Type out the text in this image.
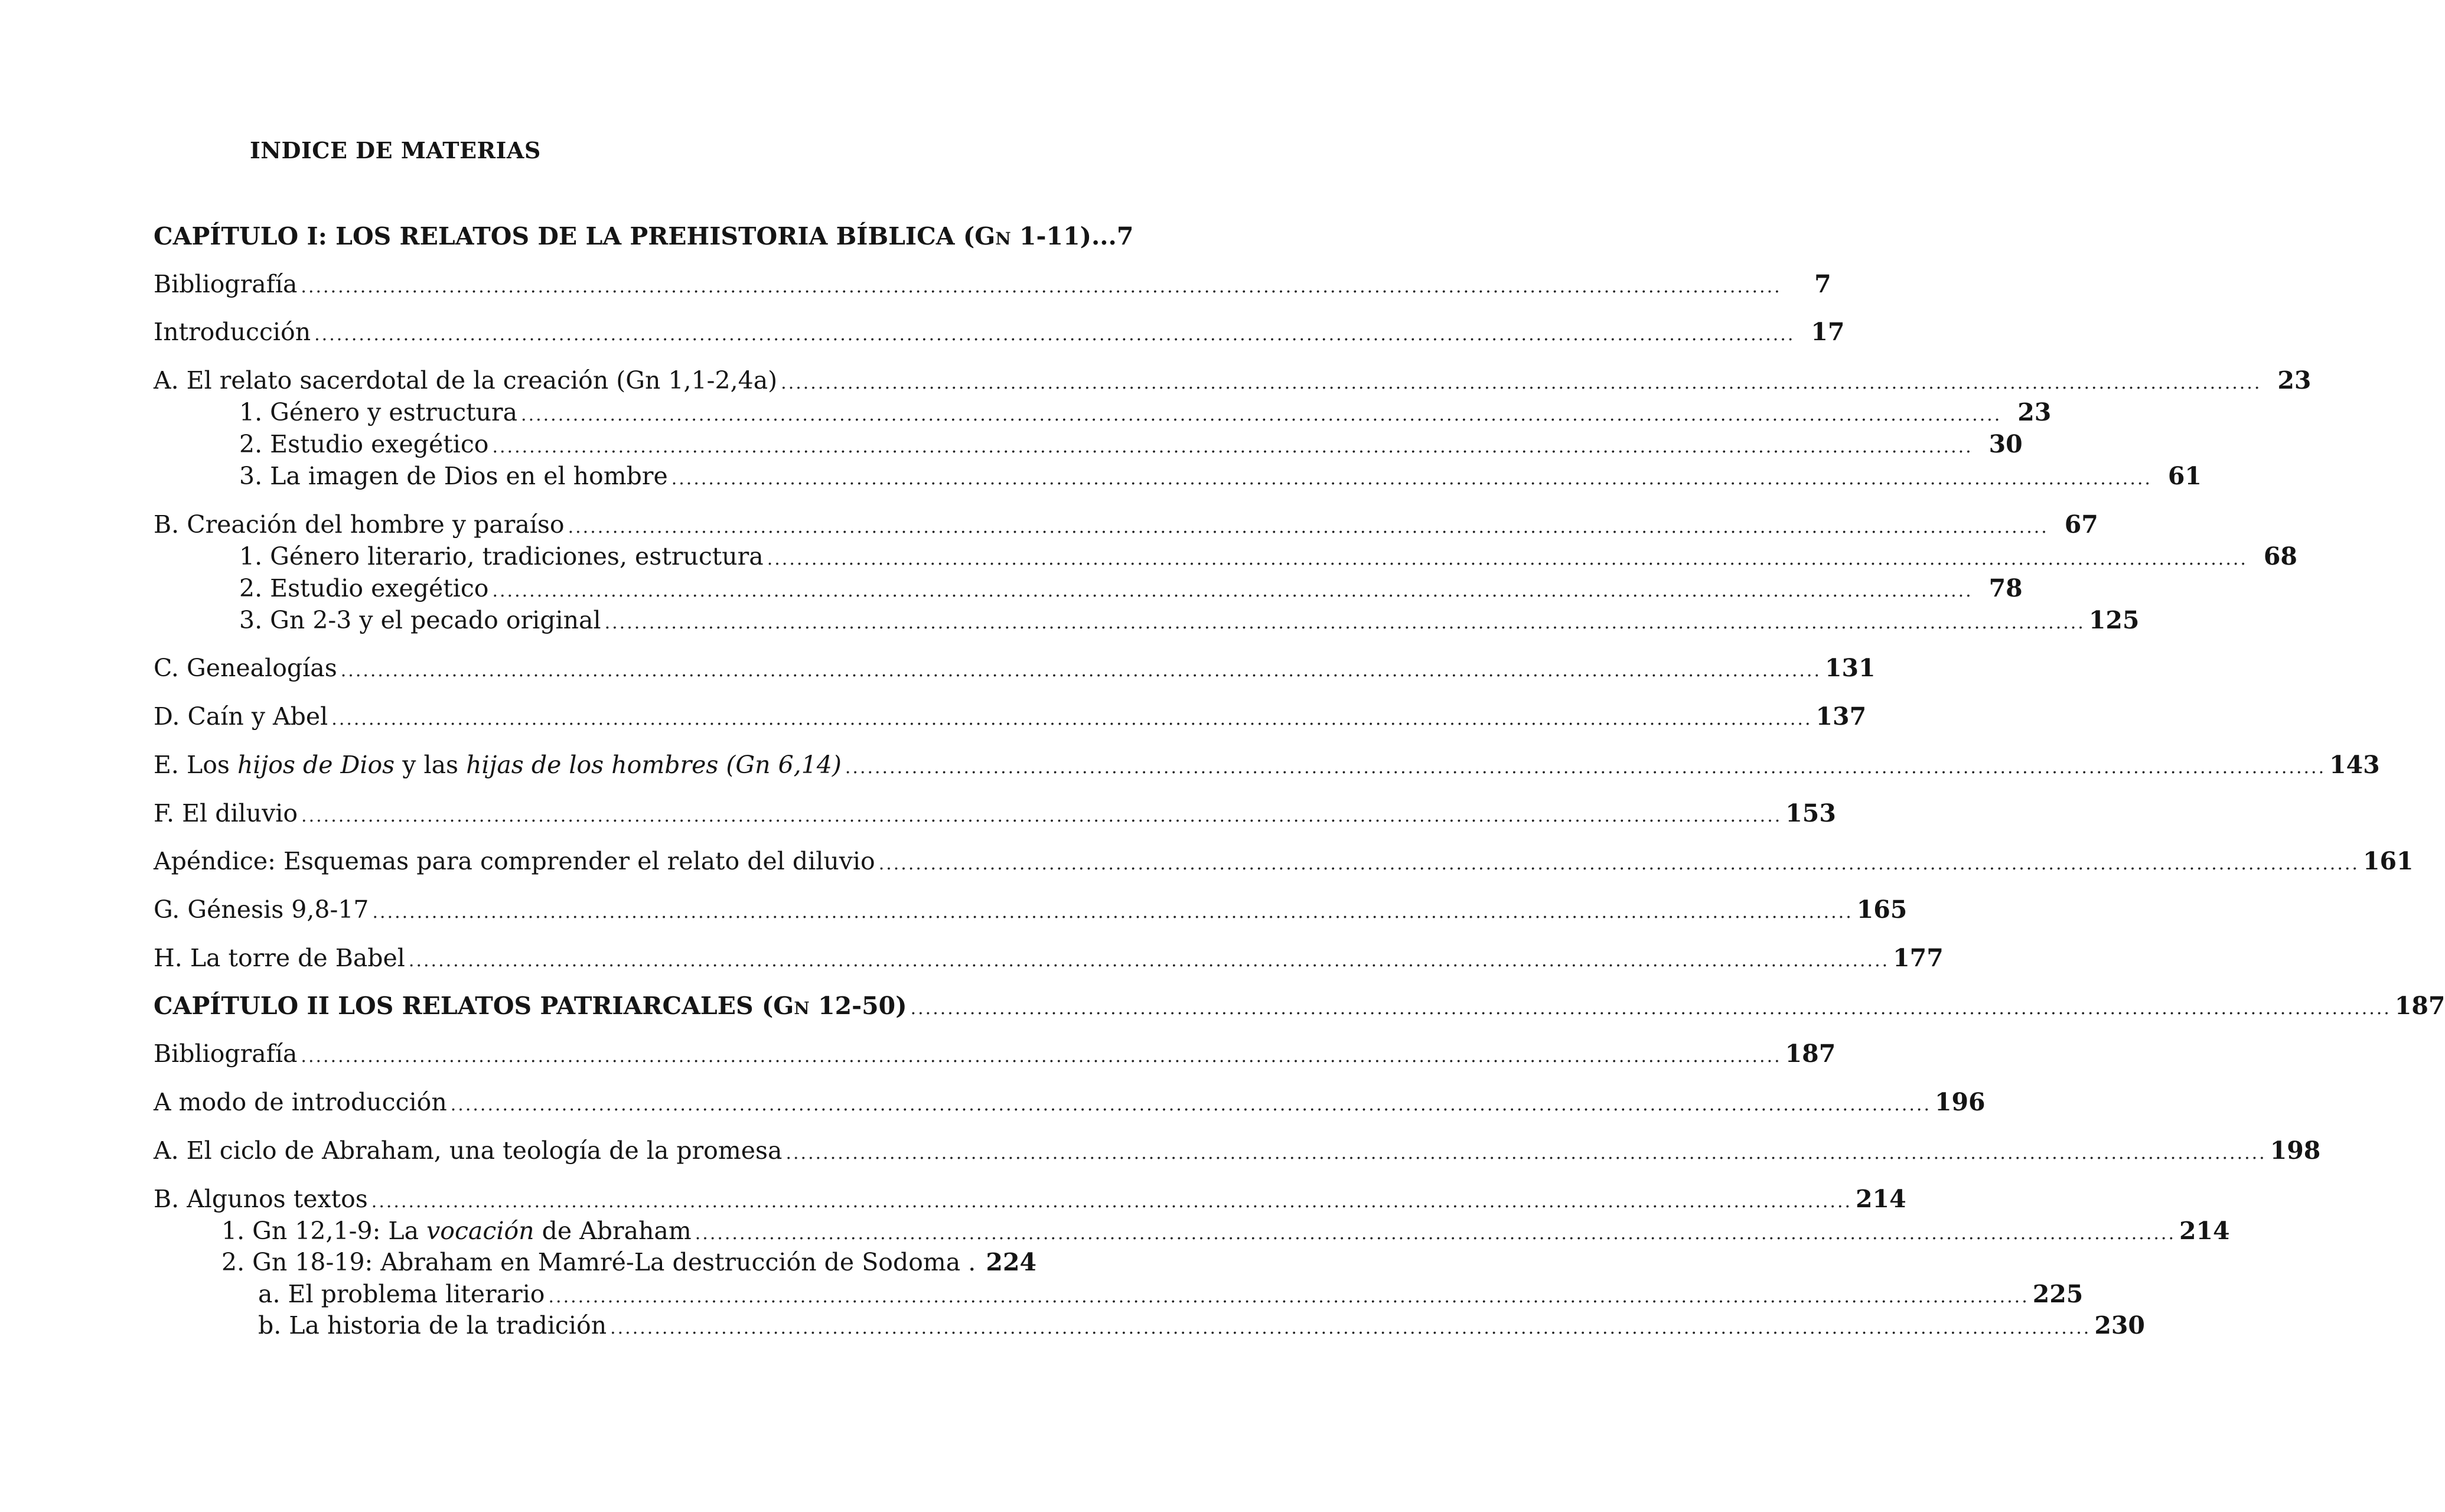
INDICE DE MATERIAS
CAPÍTULO I: LOS RELATOS DE LA PREHISTORIA BÍBLICA (Gn 1-11)...7
Bibliografía .....	7
Introducción .....	17
A. El relato sacerdotal de la creación (Gn 1,1-2,4a) .....	23
1. Género y estructura .....	23
2. Estudio exegético .....	30
3. La imagen de Dios en el hombre .....	61
B. Creación del hombre y paraíso .....	67
1. Género literario, tradiciones, estructura .....	68
2. Estudio exegético .....	78
3. Gn 2-3 y el pecado original .....	125
C. Genealogías .....	131
D. Caín y Abel .....	137
E. Los hijos de Dios y las hijas de los hombres (Gn 6,14) .....	143
F. El diluvio .....	153
Apéndice: Esquemas para comprender el relato del diluvio .....	161
G. Génesis 9,8-17 .....	165
H. La torre de Babel .....	177
CAPÍTULO II LOS RELATOS PATRIARCALES (Gn 12-50) .....	187
Bibliografía .....	187
A modo de introducción .....	196
A. El ciclo de Abraham, una teología de la promesa .....	198
B. Algunos textos .....	214
1. Gn 12,1-9: La vocación de Abraham .....	214
2. Gn 18-19: Abraham en Mamré-La destrucción de Sodoma . 224
a. El problema literario .....	225
b. La historia de la tradición .....	230
